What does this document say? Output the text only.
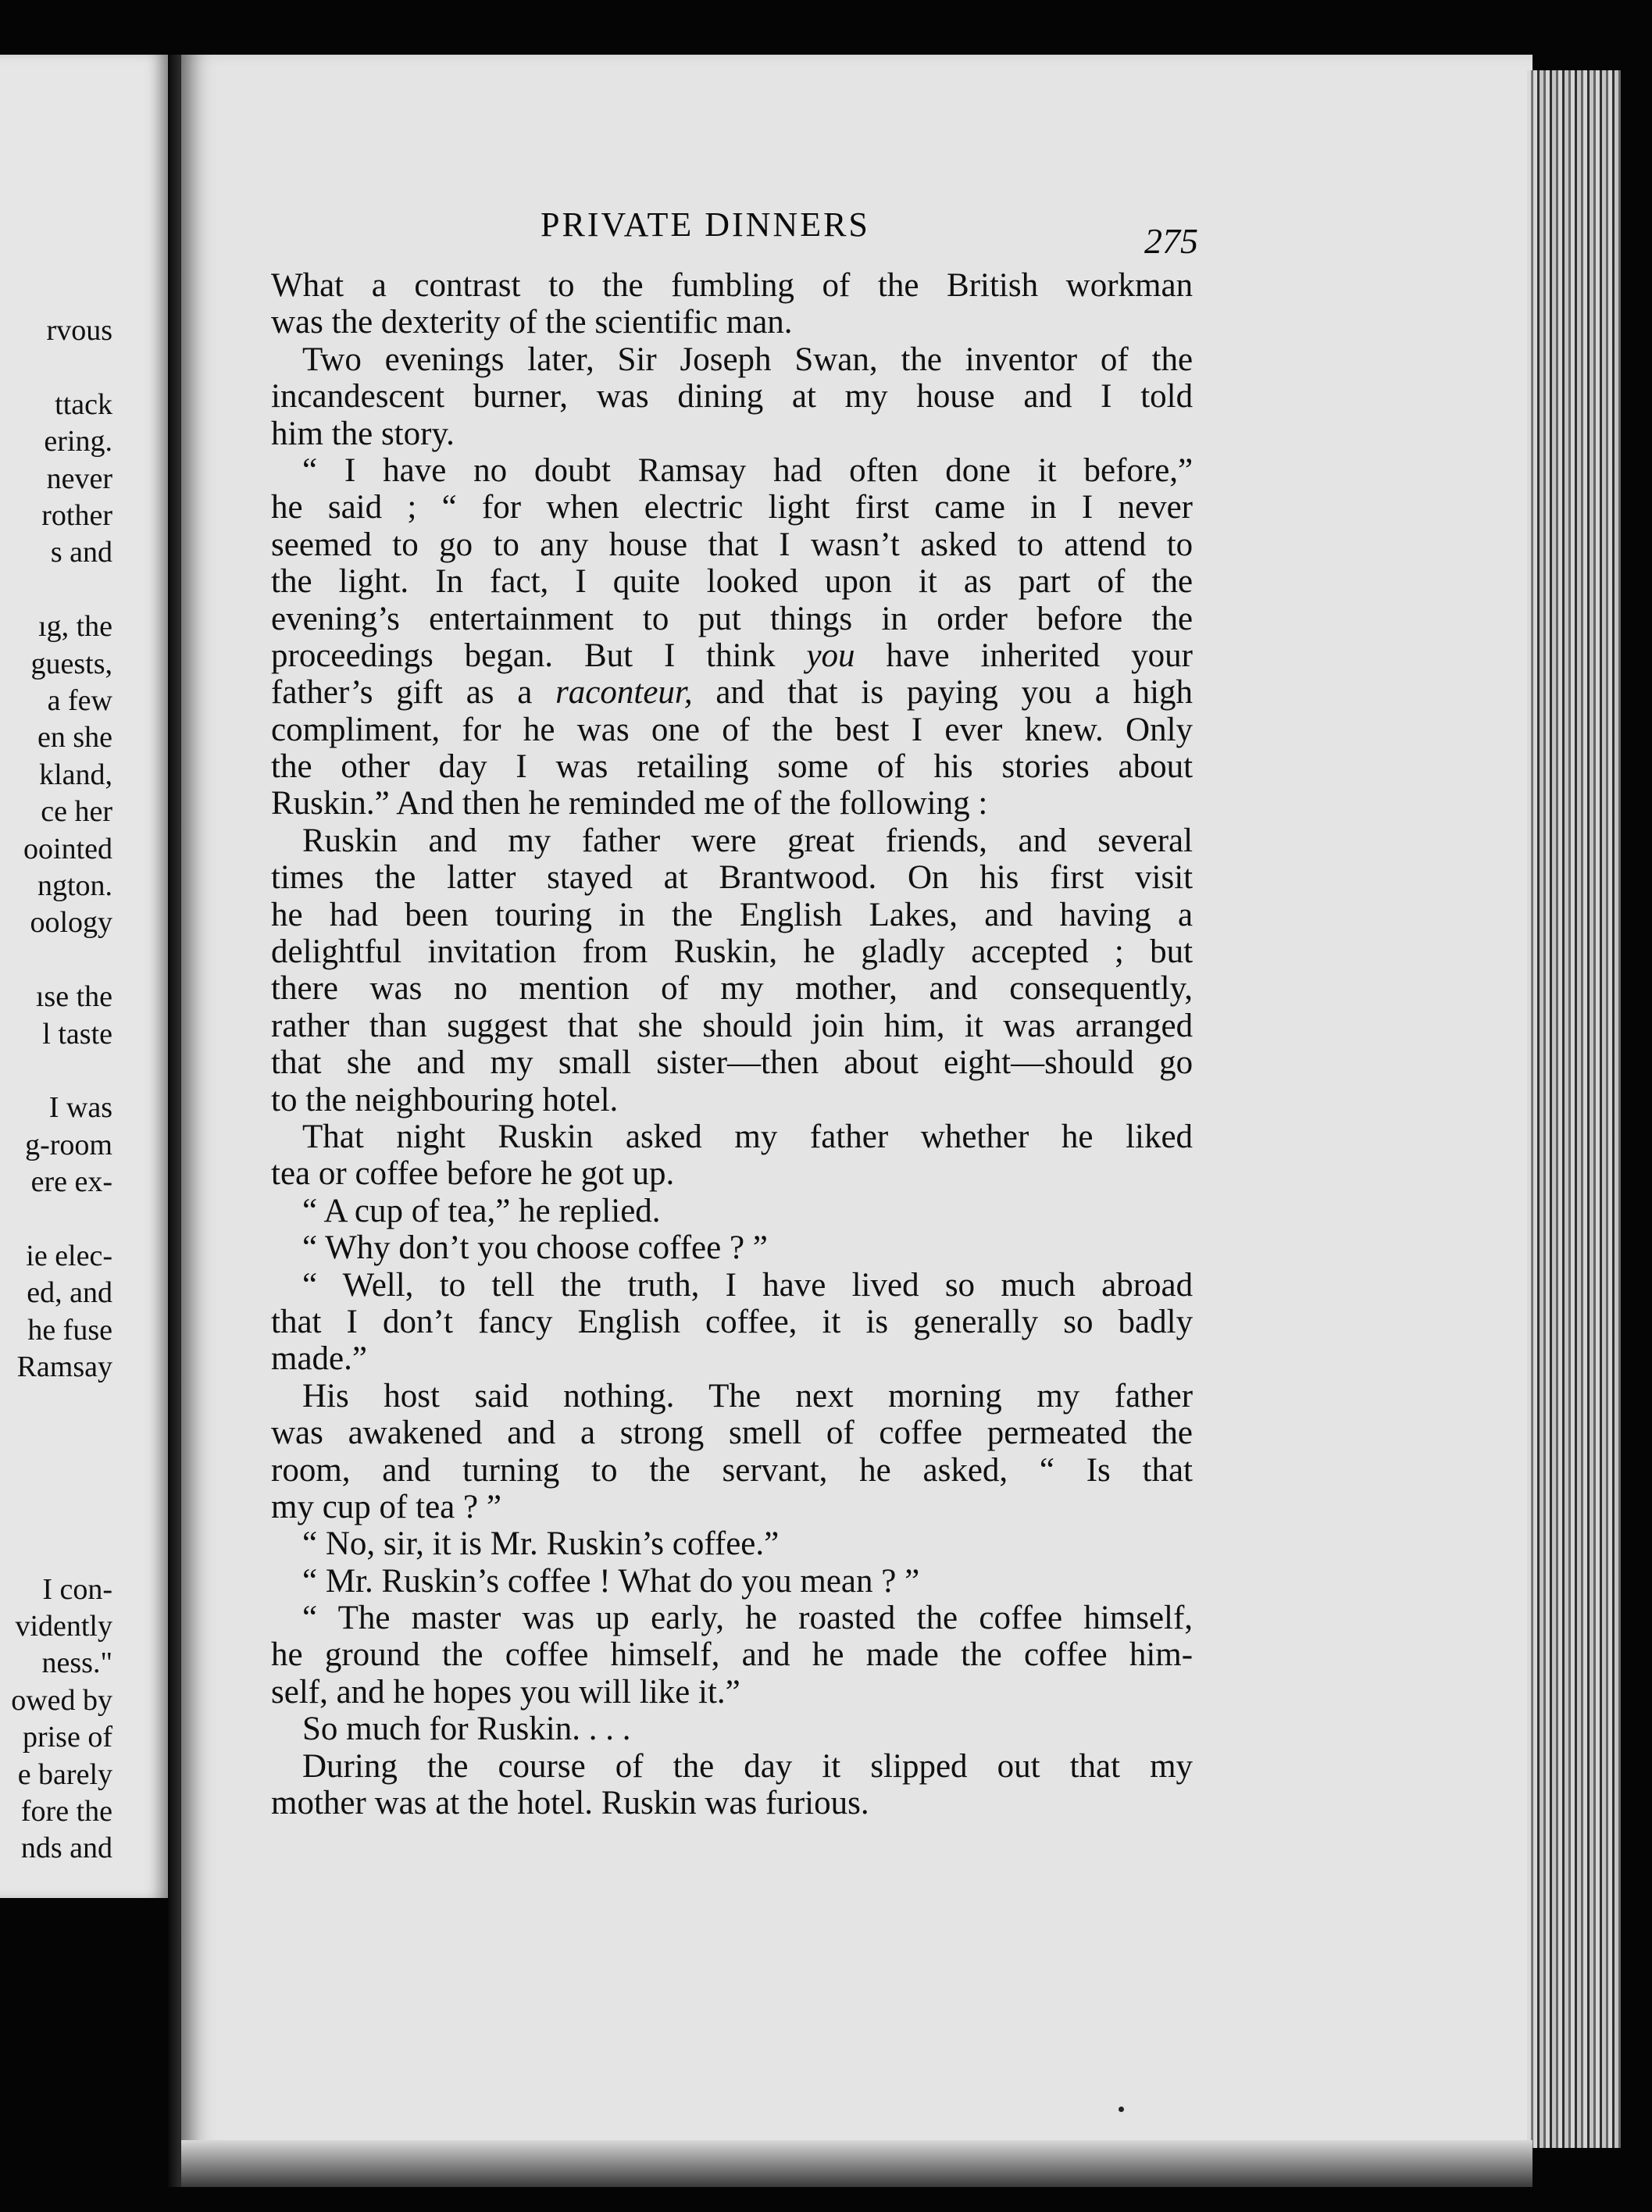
rvous
ttack
ering.
never
rother
s and
ıg, the
guests,
a few
en she
kland,
ce her
oointed
ngton.
oology
ıse the
l taste
I was
g-room
ere ex-
ie elec-
ed, and
he fuse
Ramsay
I con-
vidently
ness."
owed by
prise of
e barely
fore the
nds and
PRIVATE DINNERS	275
What a contrast to the fumbling of the British workman
was the dexterity of the scientific man.
Two evenings later, Sir Joseph Swan, the inventor of the
incandescent burner, was dining at my house and I told
him the story.
“ I have no doubt Ramsay had often done it before,”
he said ; “ for when electric light first came in I never
seemed to go to any house that I wasn’t asked to attend to
the light. In fact, I quite looked upon it as part of the
evening’s entertainment to put things in order before the
proceedings began. But I think you have inherited your
father’s gift as a raconteur, and that is paying you a high
compliment, for he was one of the best I ever knew. Only
the other day I was retailing some of his stories about
Ruskin.” And then he reminded me of the following :
Ruskin and my father were great friends, and several
times the latter stayed at Brantwood. On his first visit
he had been touring in the English Lakes, and having a
delightful invitation from Ruskin, he gladly accepted ; but
there was no mention of my mother, and consequently,
rather than suggest that she should join him, it was arranged
that she and my small sister—then about eight—should go
to the neighbouring hotel.
That night Ruskin asked my father whether he liked
tea or coffee before he got up.
“ A cup of tea,” he replied.
“ Why don’t you choose coffee ? ”
“ Well, to tell the truth, I have lived so much abroad
that I don’t fancy English coffee, it is generally so badly
made.”
His host said nothing. The next morning my father
was awakened and a strong smell of coffee permeated the
room, and turning to the servant, he asked, “ Is that
my cup of tea ? ”
“ No, sir, it is Mr. Ruskin’s coffee.”
“ Mr. Ruskin’s coffee ! What do you mean ? ”
“ The master was up early, he roasted the coffee himself,
he ground the coffee himself, and he made the coffee him-
self, and he hopes you will like it.”
So much for Ruskin. . . .
During the course of the day it slipped out that my
mother was at the hotel. Ruskin was furious.
